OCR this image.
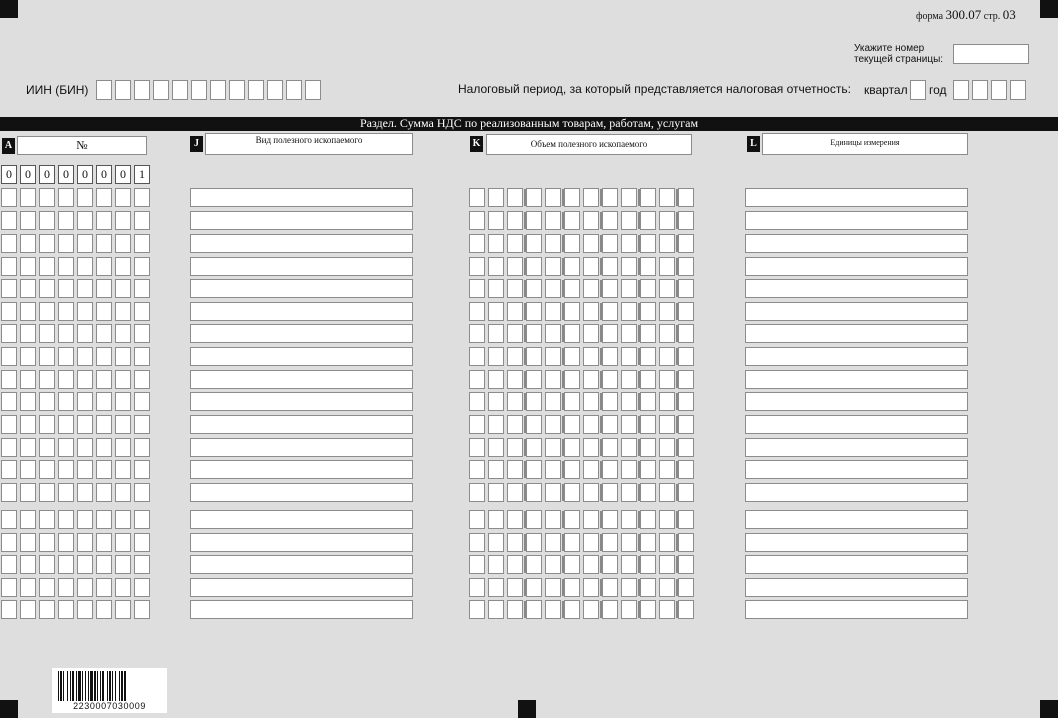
форма 300.07 стр. 03
Укажите номер
текущей страницы:
ИИН (БИН)	Налоговый период, за который представляется налоговая отчетность: квартал год
Раздел. Сумма НДС по реализованным товарам, работам, услугам
A	№	J	Вид полезного ископаемого	K	Объем полезного ископаемого	L	Единицы измерения
2230007030009
0	0	0	0	0	0	0	1
